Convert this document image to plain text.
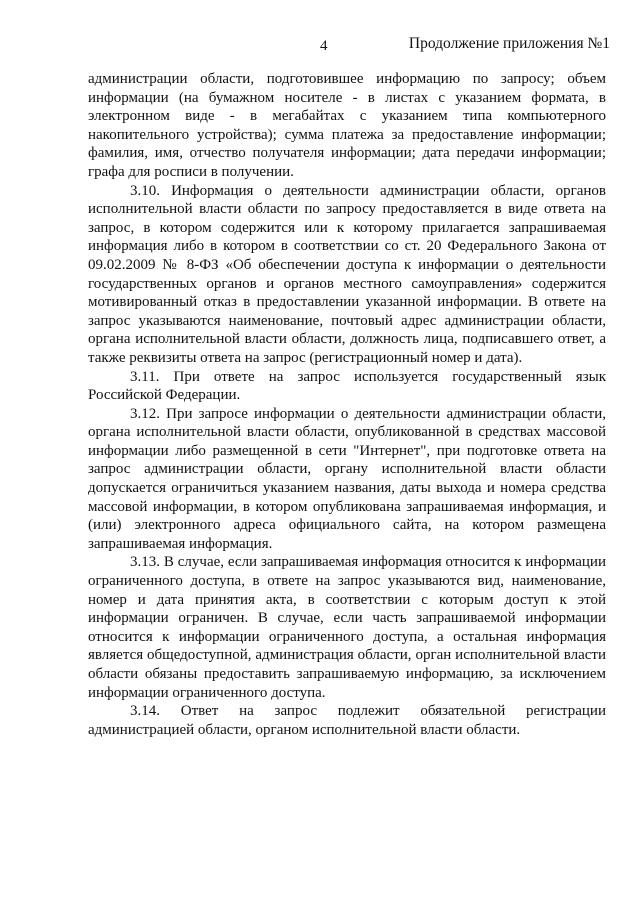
4	Продолжение приложения №1

администрации области, подготовившее информацию по запросу; объем информации (на бумажном носителе - в листах с указанием формата, в электронном виде - в мегабайтах с указанием типа компьютерного накопительного устройства); сумма платежа за предоставление информации; фамилия, имя, отчество получателя информации; дата передачи информации; графа для росписи в получении.

3.10. Информация о деятельности администрации области, органов исполнительной власти области по запросу предоставляется в виде ответа на запрос, в котором содержится или к которому прилагается запрашиваемая информация либо в котором в соответствии со ст. 20 Федерального Закона от 09.02.2009 № 8-ФЗ «Об обеспечении доступа к информации о деятельности государственных органов и органов местного самоуправления» содержится мотивированный отказ в предоставлении указанной информации. В ответе на запрос указываются наименование, почтовый адрес администрации области, органа исполнительной власти области, должность лица, подписавшего ответ, а также реквизиты ответа на запрос (регистрационный номер и дата).

3.11. При ответе на запрос используется государственный язык Российской Федерации.

3.12. При запросе информации о деятельности администрации области, органа исполнительной власти области, опубликованной в средствах массовой информации либо размещенной в сети "Интернет", при подготовке ответа на запрос администрации области, органу исполнительной власти области допускается ограничиться указанием названия, даты выхода и номера средства массовой информации, в котором опубликована запрашиваемая информация, и (или) электронного адреса официального сайта, на котором размещена запрашиваемая информация.

3.13. В случае, если запрашиваемая информация относится к информации ограниченного доступа, в ответе на запрос указываются вид, наименование, номер и дата принятия акта, в соответствии с которым доступ к этой информации ограничен. В случае, если часть запрашиваемой информации относится к информации ограниченного доступа, а остальная информация является общедоступной, администрация области, орган исполнительной власти области обязаны предоставить запрашиваемую информацию, за исключением информации ограниченного доступа.

3.14. Ответ на запрос подлежит обязательной регистрации администрацией области, органом исполнительной власти области.
